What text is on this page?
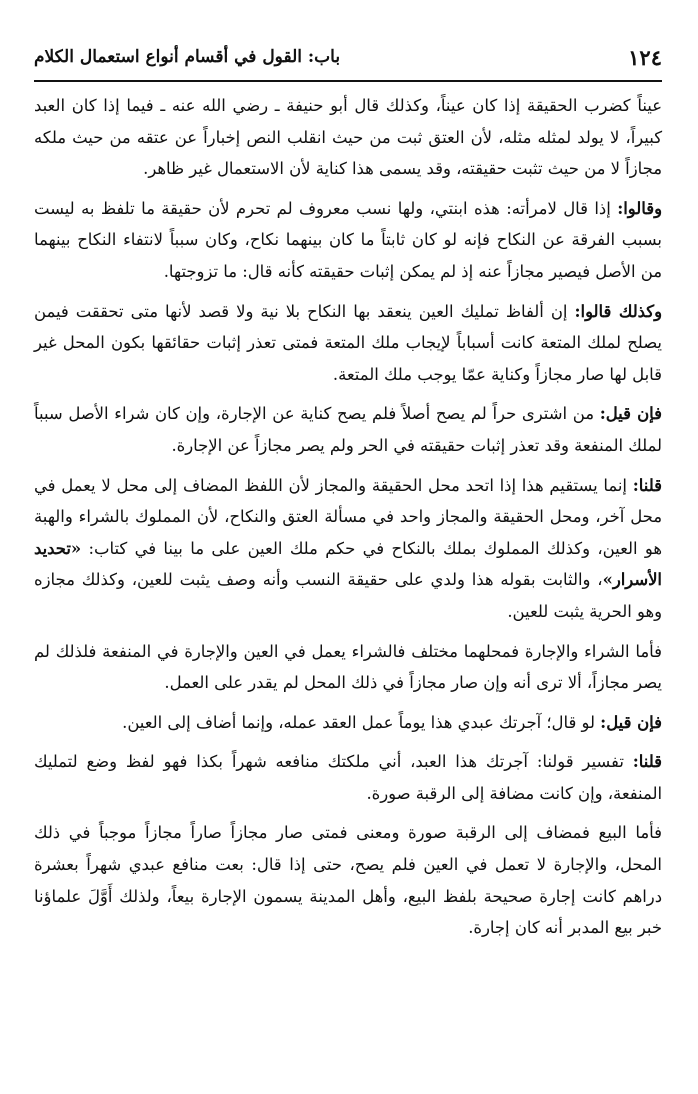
١٢٤
باب: القول في أقسام أنواع استعمال الكلام

عيناً كضرب الحقيقة إذا كان عيناً، وكذلك قال أبو حنيفة ـ رضي الله عنه ـ فيما إذا كان العبد كبيراً، لا يولد لمثله مثله، لأن العتق ثبت من حيث انقلب النص إخباراً عن عتقه من حيث ملكه مجازاً لا من حيث تثبت حقيقته، وقد يسمى هذا كناية لأن الاستعمال غير ظاهر.

وقالوا: إذا قال لامرأته: هذه ابنتي، ولها نسب معروف لم تحرم لأن حقيقة ما تلفظ به ليست بسبب الفرقة عن النكاح فإنه لو كان ثابتاً ما كان بينهما نكاح، وكان سبباً لانتفاء النكاح بينهما من الأصل فيصير مجازاً عنه إذ لم يمكن إثبات حقيقته كأنه قال: ما تزوجتها.

وكذلك قالوا: إن ألفاظ تمليك العين ينعقد بها النكاح بلا نية ولا قصد لأنها متى تحققت فيمن يصلح لملك المتعة كانت أسباباً لإيجاب ملك المتعة فمتى تعذر إثبات حقائقها بكون المحل غير قابل لها صار مجازاً وكناية عمّا يوجب ملك المتعة.

فإن قيل: من اشترى حراً لم يصح أصلاً فلم يصح كناية عن الإجارة، وإن كان شراء الأصل سبباً لملك المنفعة وقد تعذر إثبات حقيقته في الحر ولم يصر مجازاً عن الإجارة.

قلنا: إنما يستقيم هذا إذا اتحد محل الحقيقة والمجاز لأن اللفظ المضاف إلى محل لا يعمل في محل آخر، ومحل الحقيقة والمجاز واحد في مسألة العتق والنكاح، لأن المملوك بالشراء والهبة هو العين، وكذلك المملوك بملك بالنكاح في حكم ملك العين على ما بينا في كتاب: «تحديد الأسرار»، والثابت بقوله هذا ولدي على حقيقة النسب وأنه وصف يثبت للعين، وكذلك مجازه وهو الحرية يثبت للعين.

فأما الشراء والإجارة فمحلهما مختلف فالشراء يعمل في العين والإجارة في المنفعة فلذلك لم يصر مجازاً، ألا ترى أنه وإن صار مجازاً في ذلك المحل لم يقدر على العمل.

فإن قيل: لو قال؛ آجرتك عبدي هذا يوماً عمل العقد عمله، وإنما أضاف إلى العين.

قلنا: تفسير قولنا: آجرتك هذا العبد، أني ملكتك منافعه شهراً بكذا فهو لفظ وضع لتمليك المنفعة، وإن كانت مضافة إلى الرقبة صورة.

فأما البيع فمضاف إلى الرقبة صورة ومعنى فمتى صار مجازاً صاراً مجازاً موجباً في ذلك المحل، والإجارة لا تعمل في العين فلم يصح، حتى إذا قال: بعت منافع عبدي شهراً بعشرة دراهم كانت إجارة صحيحة بلفظ البيع، وأهل المدينة يسمون الإجارة بيعاً، ولذلك أَوَّلَ علماؤنا خبر بيع المدبر أنه كان إجارة.
